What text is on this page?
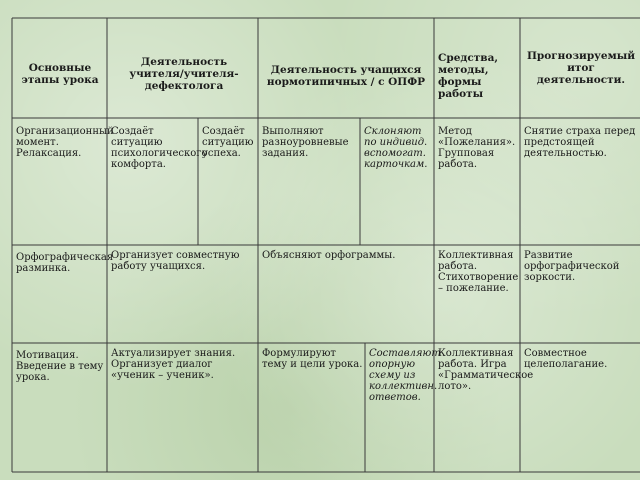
Основные этапы урока
Деятельность учителя/учителя-дефектолога
Деятельность учащихся нормотипичных / с ОПФР
Средства, методы, формы работы
Прогнозируемый итог деятельности.
Организационный момент. Релаксация.
Создаёт ситуацию психологического комфорта.
Создаёт ситуацию успеха.
Выполняют разноуровневые задания.
Склоняют по индивид. вспомогат. карточкам.
Метод «Пожелания». Групповая работа.
Снятие страха перед предстоящей деятельностью.
Орфографическая разминка.
Организует совместную работу учащихся.
Объясняют орфограммы.	Коллективная работа. Стихотворение – пожелание.
Развитие орфографической зоркости.
Мотивация. Введение в тему урока.
Актуализирует знания. Организует диалог «ученик – ученик».
Формулируют тему и цели урока.
Составляют опорную схему из коллективн. ответов.
Коллективная работа. Игра «Грамматическое лото».
Совместное целеполагание.
